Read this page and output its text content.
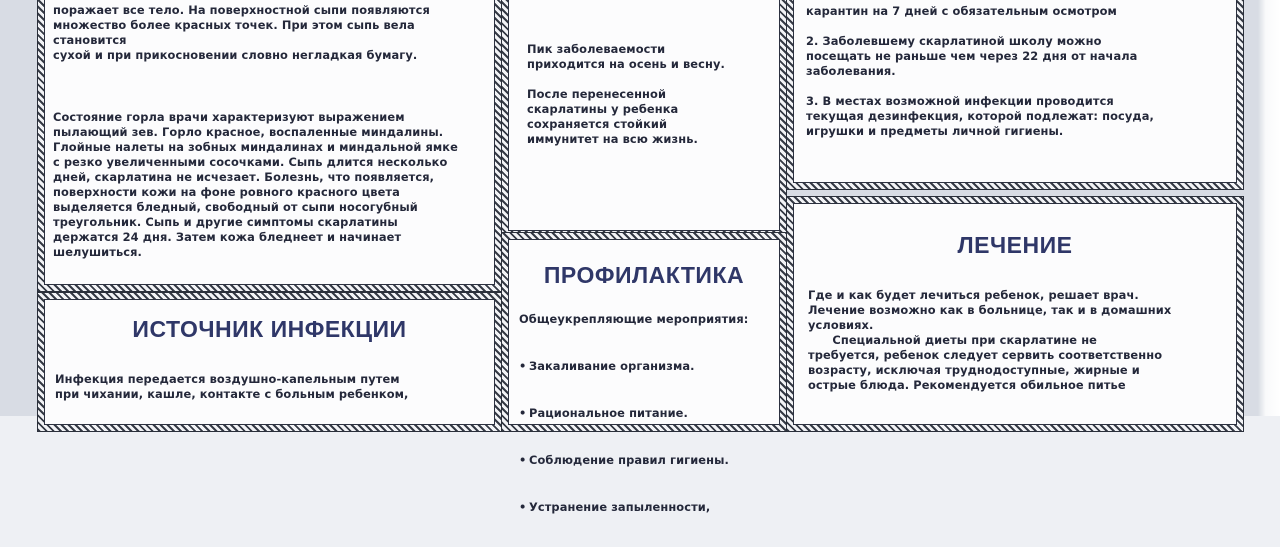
поражает все тело. На поверхностной сыпи появляются
множество более красных точек. При этом сыпь вела
становится
сухой и при прикосновении словно негладкая бумагу.
Состояние горла врачи характеризуют выражением
пылающий зев. Горло красное, воспаленные миндалины.
Глойные налеты на зобных миндалинах и миндальной ямке
с резко увеличенными сосочками. Сыпь длится несколько
дней, скарлатина не исчезает. Болезнь, что появляется,
поверхности кожи на фоне ровного красного цвета
выделяется бледный, свободный от сыпи носогубный
треугольник. Сыпь и другие симптомы скарлатины
держатся 24 дня. Затем кожа бледнеет и начинает
шелушиться.
ИСТОЧНИК ИНФЕКЦИИ
Инфекция передается воздушно-капельным путем
при чихании, кашле, контакте с больным ребенком,
Пик заболеваемости
приходится на осень и весну.

После перенесенной
скарлатины у ребенка
сохраняется стойкий
иммунитет на всю жизнь.
ПРОФИЛАКТИКА
Общеукрепляющие мероприятия:

• Закаливание организма.

• Рациональное питание.

• Соблюдение правил гигиены.

• Устранение запыленности,

карантин на 7 дней с обязательным осмотром

2. Заболевшему скарлатиной школу можно
посещать не раньше чем через 22 дня от начала
заболевания.

3. В местах возможной инфекции проводится
текущая дезинфекция, которой подлежат: посуда,
игрушки и предметы личной гигиены.
ЛЕЧЕНИЕ
Где и как будет лечиться ребенок, решает врач.
Лечение возможно как в больнице, так и в домашних
условиях.
Специальной диеты при скарлатине не
требуется, ребенок следует сервить соответственно
возрасту, исключая труднодоступные, жирные и
острые блюда. Рекомендуется обильное питье
